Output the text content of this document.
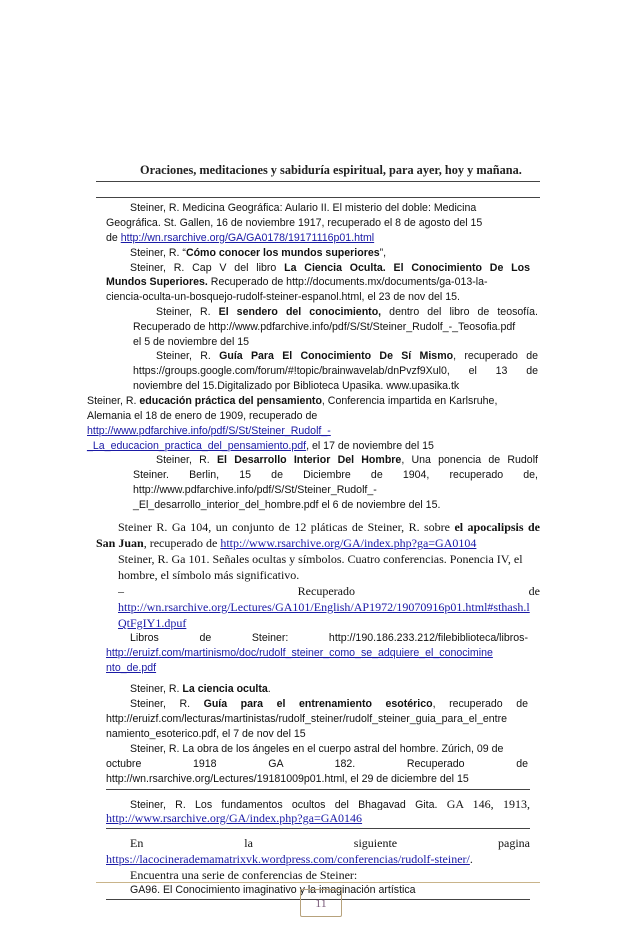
Oraciones, meditaciones y sabiduría espiritual, para ayer, hoy y mañana.
Steiner, R. Medicina Geográfica: Aulario II. El misterio del doble: Medicina
Geográfica. St. Gallen, 16 de noviembre 1917, recuperado el 8 de agosto del 15
de http://wn.rsarchive.org/GA/GA0178/19171116p01.html
Steiner, R. “Cómo conocer los mundos superiores”,
Steiner, R. Cap V del libro La Ciencia Oculta. El Conocimiento De Los
Mundos Superiores. Recuperado de http://documents.mx/documents/ga-013-la-
ciencia-oculta-un-bosquejo-rudolf-steiner-espanol.html, el 23 de nov del 15.
Steiner, R. El sendero del conocimiento, dentro del libro de teosofía.
Recuperado de http://www.pdfarchive.info/pdf/S/St/Steiner_Rudolf_-_Teosofia.pdf
el 5 de noviembre del 15
Steiner, R. Guía Para El Conocimiento De Sí Mismo, recuperado de
https://groups.google.com/forum/#!topic/brainwavelab/dnPvzf9Xul0, el 13 de
noviembre del 15.Digitalizado por Biblioteca Upasika. www.upasika.tk
Steiner, R. educación práctica del pensamiento, Conferencia impartida en Karlsruhe,
Alemania el 18 de enero de 1909, recuperado de
http://www.pdfarchive.info/pdf/S/St/Steiner_Rudolf_-
_La_educacion_practica_del_pensamiento.pdf, el 17 de noviembre del 15
Steiner, R. El Desarrollo Interior Del Hombre, Una ponencia de Rudolf
Steiner. Berlin, 15 de Diciembre de 1904, recuperado de,
http://www.pdfarchive.info/pdf/S/St/Steiner_Rudolf_-
_El_desarrollo_interior_del_hombre.pdf el 6 de noviembre del 15.
Steiner R. Ga 104, un conjunto de 12 pláticas de Steiner, R. sobre el apocalipsis de
San Juan, recuperado de http://www.rsarchive.org/GA/index.php?ga=GA0104
Steiner, R. Ga 101. Señales ocultas y símbolos. Cuatro conferencias. Ponencia IV, el
hombre, el símbolo más significativo.
– Recuperado	de
http://wn.rsarchive.org/Lectures/GA101/English/AP1972/19070916p01.html#sthash.l
QtFgIY1.dpuf
Libros de Steiner: http://190.186.233.212/filebiblioteca/libros-
http://eruizf.com/martinismo/doc/rudolf_steiner_como_se_adquiere_el_conocimine
nto_de.pdf
Steiner, R. La ciencia oculta.
Steiner, R. Guía para el entrenamiento esotérico, recuperado de
http://eruizf.com/lecturas/martinistas/rudolf_steiner/rudolf_steiner_guia_para_el_entre
namiento_esoterico.pdf, el 7 de nov del 15
Steiner, R. La obra de los ángeles en el cuerpo astral del hombre. Zúrich, 09 de
octubre 1918 GA 182. Recuperado de
http://wn.rsarchive.org/Lectures/19181009p01.html, el 29 de diciembre del 15
Steiner, R. Los fundamentos ocultos del Bhagavad Gita. GA 146, 1913,
http://www.rsarchive.org/GA/index.php?ga=GA0146
En	la	siguiente	pagina
https://lacocinerademamatrixvk.wordpress.com/conferencias/rudolf-steiner/.
Encuentra una serie de conferencias de Steiner:
GA96. El Conocimiento imaginativo y la imaginación artística
11
